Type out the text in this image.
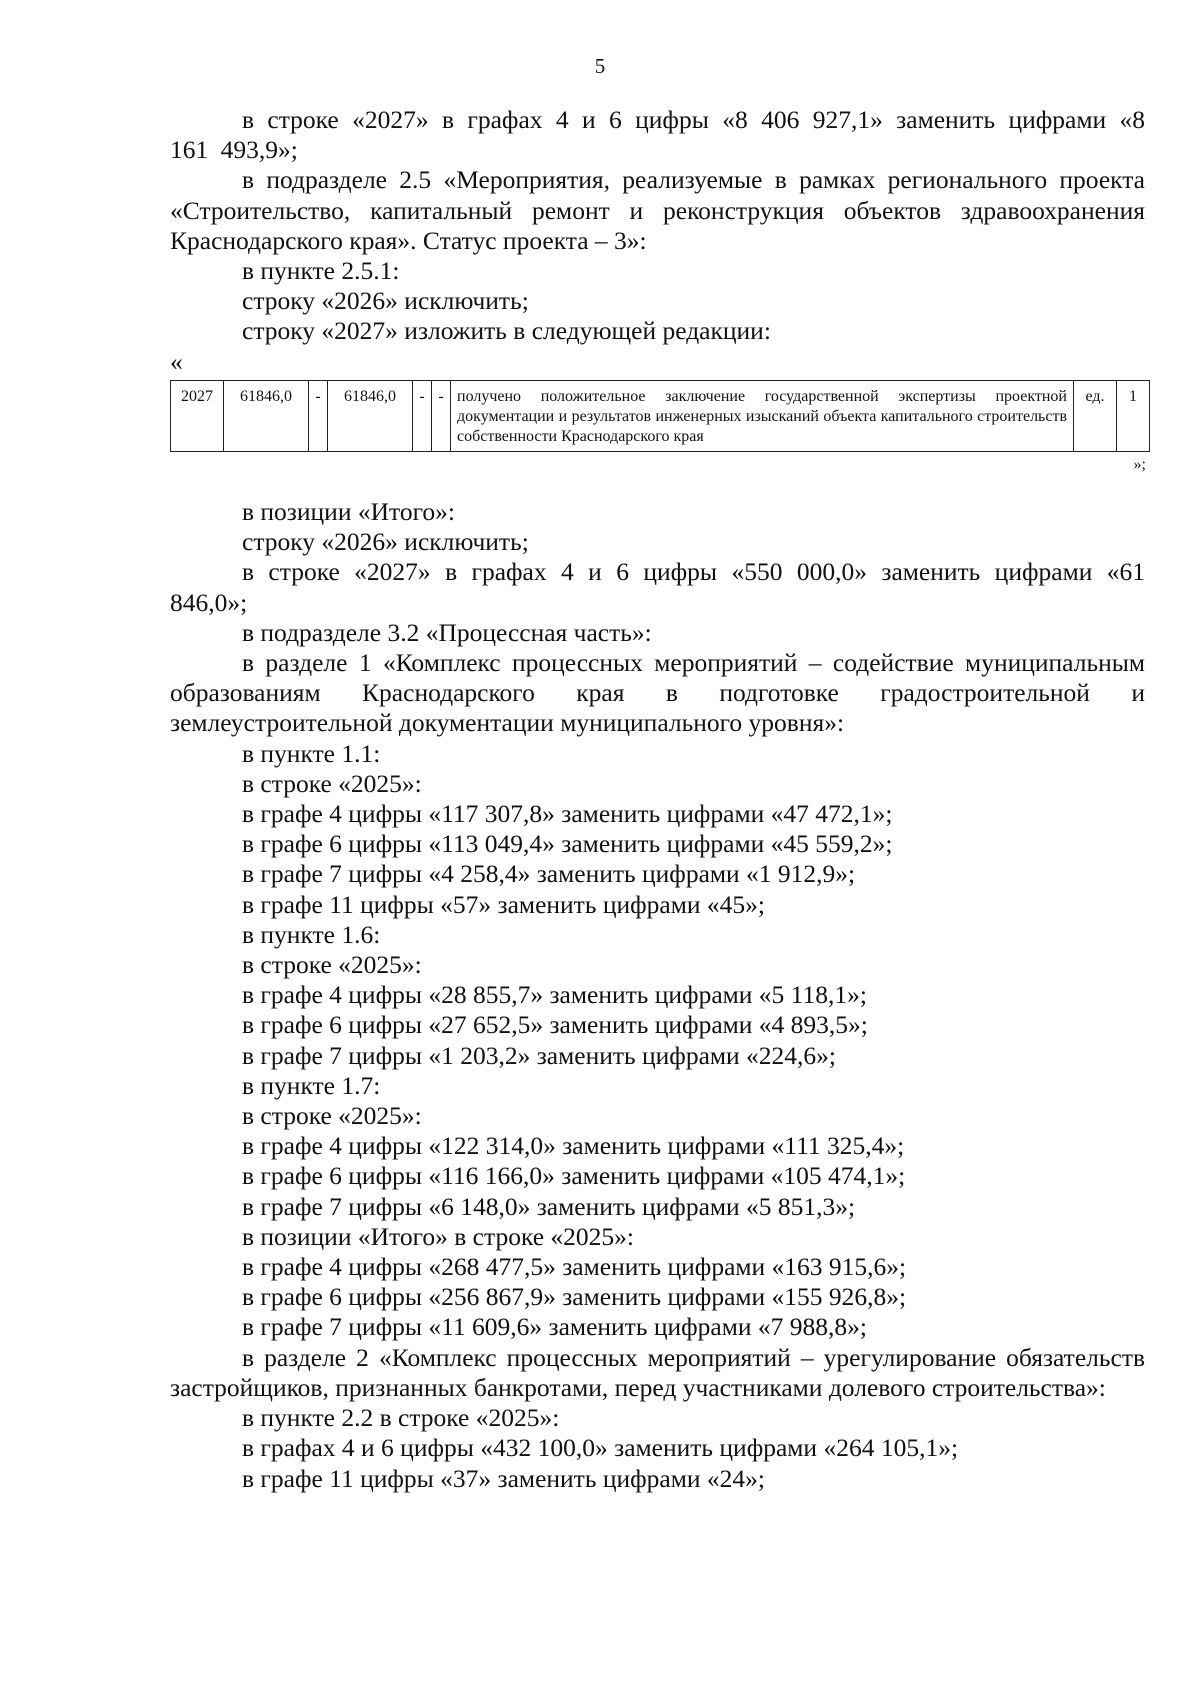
5

в строке «2027» в графах 4 и 6 цифры «8 406 927,1» заменить цифрами «8 161 493,9»;

в подразделе 2.5 «Мероприятия, реализуемые в рамках регионального проекта «Строительство, капитальный ремонт и реконструкция объектов здравоохранения Краснодарского края». Статус проекта – 3»:

в пункте 2.5.1:

строку «2026» исключить;

строку «2027» изложить в следующей редакции:

«

2027	61846,0	-	61846,0	-	-	получено положительное заключение государственной экспертизы проектной документации и результатов инженерных изысканий объекта капитального строительств собственности Краснодарского края	ед.	1

»;

в позиции «Итого»:

строку «2026» исключить;

в строке «2027» в графах 4 и 6 цифры «550 000,0» заменить цифрами «61 846,0»;

в подразделе 3.2 «Процессная часть»:

в разделе 1 «Комплекс процессных мероприятий – содействие муниципальным образованиям Краснодарского края в подготовке градостроительной и землеустроительной документации муниципального уровня»:

в пункте 1.1:

в строке «2025»:

в графе 4 цифры «117 307,8» заменить цифрами «47 472,1»;

в графе 6 цифры «113 049,4» заменить цифрами «45 559,2»;

в графе 7 цифры «4 258,4» заменить цифрами «1 912,9»;

в графе 11 цифры «57» заменить цифрами «45»;

в пункте 1.6:

в строке «2025»:

в графе 4 цифры «28 855,7» заменить цифрами «5 118,1»;

в графе 6 цифры «27 652,5» заменить цифрами «4 893,5»;

в графе 7 цифры «1 203,2» заменить цифрами «224,6»;

в пункте 1.7:

в строке «2025»:

в графе 4 цифры «122 314,0» заменить цифрами «111 325,4»;

в графе 6 цифры «116 166,0» заменить цифрами «105 474,1»;

в графе 7 цифры «6 148,0» заменить цифрами «5 851,3»;

в позиции «Итого» в строке «2025»:

в графе 4 цифры «268 477,5» заменить цифрами «163 915,6»;

в графе 6 цифры «256 867,9» заменить цифрами «155 926,8»;

в графе 7 цифры «11 609,6» заменить цифрами «7 988,8»;

в разделе 2 «Комплекс процессных мероприятий – урегулирование обязательств застройщиков, признанных банкротами, перед участниками долевого строительства»:

в пункте 2.2 в строке «2025»:

в графах 4 и 6 цифры «432 100,0» заменить цифрами «264 105,1»;

в графе 11 цифры «37» заменить цифрами «24»;
